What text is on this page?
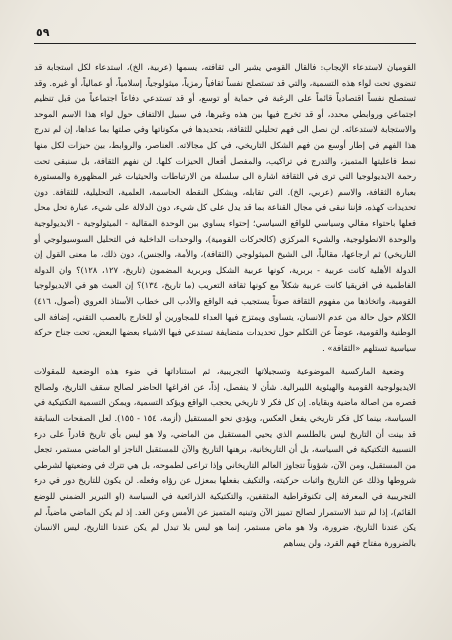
٥٩

القوميان لاستدعاء الإيجاب: فالقال القومي يشير الى ثقافته، يسمها (عربية، الخ)، استدعاء لكل استجابة قد تنضوي تحت لواء هذه التسمية، والتي قد تستصلح نفساً ثقافياً رمزياً، ميثولوجياً، إسلامياً، أو عمالياً، أو غيره. وقد تستصلح نفساً اقتصادياً قائماً على الرغبة في حماية أو توسع، أو قد تستدعي دفاعاً اجتماعياً من قبل تنظيم اجتماعي وروابطي محدد، أو قد تخرج فيها بين هذه وغيرها، في سبيل الالتفاف حول لواء هذا الاسم الموحد والاستجابة لاستدعائه. لن نصل الى فهم تحليلي للثقافة، بتحديدها في مكوناتها وفي صلتها بما عداها، إن لم ندرج هذا الفهم في إطار أوسع من فهم الشكل التاريخي، في كل مجالاته. العناصر، والروابط، بين حيزات لكل منها نمط فاعليتها المتميز، والتدرج في تراكيب، والمفصل أفعال الحيزات كلها. لن نفهم الثقافة، بل سنبقى تحت رحمة الايديولوجيا التي ترى في الثقافة اشارة الى سلسلة من الارتباطات والحيثيات غير المظهورة والمستورة بعبارة الثقافة، والاسم (عربي، الخ). التي تقابله، ويشكل النقطة الحاسمة، العلمية، التحليلية، للثقافة. دون تحديدات كهذه، فإننا نبقى في مجال القناعة بما قد يدل على كل شيء، دون الدلالة على شيء، عبارة تحل محل فعلها باحتواء مقالي وسياسي للواقع السياسي؛ إحتواء يساوي بين الوحدة المقالية - الميثولوجية - الايديولوجية والوحدة الانطولوجية، والشيء المركزي (كالحركات القومية)، والوحدات الداخلية في التحليل السوسيولوجي أو التاريخي) ثم ارجاعها، مقالياً، الى الشيخ الميثولوجي (الثقافة)، والأمة، والجنس)، دون ذلك، ما معنى القول إن الدولة الأهلية كانت عربية - بربرية، كونها عربية الشكل وبربرية المضمون (تاريخ، ١٢٧، ١٢٨)؟ وان الدولة الفاطمية في افريقيا كانت عربية شكلاً مع كونها ثقافة التعريب (ما تاريخ، ١٣٤)؟ إن العبث هو في الايديولوجيا القومية، واتخاذها من مفهوم الثقافة صوتاً يستجيب فيه الواقع والأدب الى خطاب الأستاذ العروي (أصول، ٤١٦) الكلام حول حالة من عدم الانسان، يتساوى ويمتزج فيها العداء للمجاورين أو للخارج بالعصب التقني، إضافة الى الوطنية والقومية، عوضاً عن التكلم حول تحديدات متضايفة تستدعي فيها الاشياء بعضها البعض، تحت جناح حركة سياسية تستلهم «الثقافة» .

وضعية الماركسية الموضوعية وتسجيلاتها التجريبية، ثم استناداتها في ضوء هذه الوضعية للمقولات الايديولوجية القومية والهيئوية الليبرالية. شأن لا ينفصل، إذاً، عن افراغها الحاضر لصالح سقف التاريخ، ولصالح قصره من اصالة ماضية وبقاياه. إن كل فكر لا تاريخي يحجب الواقع ويؤكد التسمية، ويمكن التسمية التكتيكية في السياسة، بينما كل فكر تاريخي يفعل العكس، ويؤدي نحو المستقبل (أزمة، ١٥٤ - ١٥٥). لعل الصفحات السابقة قد بينت أن التاريخ ليس بالطلسم الذي يحيي المستقبل من الماضي، ولا هو ليس بأي تاريخ قادراً على درء النسبية التكتيكية في السياسة، بل أن التاريخانية، برهنها التاريخ والآن للمستقبل الناجز او الماضي مستمر، تجعل من المستقبل، ومن الآن، شؤوناً تتجاوز العالم التاريخاني وإذا تراعى لطموحه، بل هي تترك في وضعيتها لشرطي شروطها وذلك عن التاريخ واثبات حركيته، والتكيف بفعلها بمعزل عن رؤاه وفعله. لن يكون للتاريخ دور في درء التجريبية في المعرفة إلى تكنوقراطية المثقفين، والتكتيكية الذرائعية في السياسة (او التبرير الضمني للوضع القائم)، إذا لم تنبذ الاستمرار لصالح تمييز الآن وتبنيه المتميز عن الأمس وعن الغد. إذ لم يكن الماضي ماضياً، لم يكن عندنا التاريخ، ضرورة، ولا هو ماض مستمر، إنما هو ليس بلا تبدل لم يكن عندنا التاريخ، ليس الانسان بالضرورة مفتاح فهم القرد، ولن يساهم
